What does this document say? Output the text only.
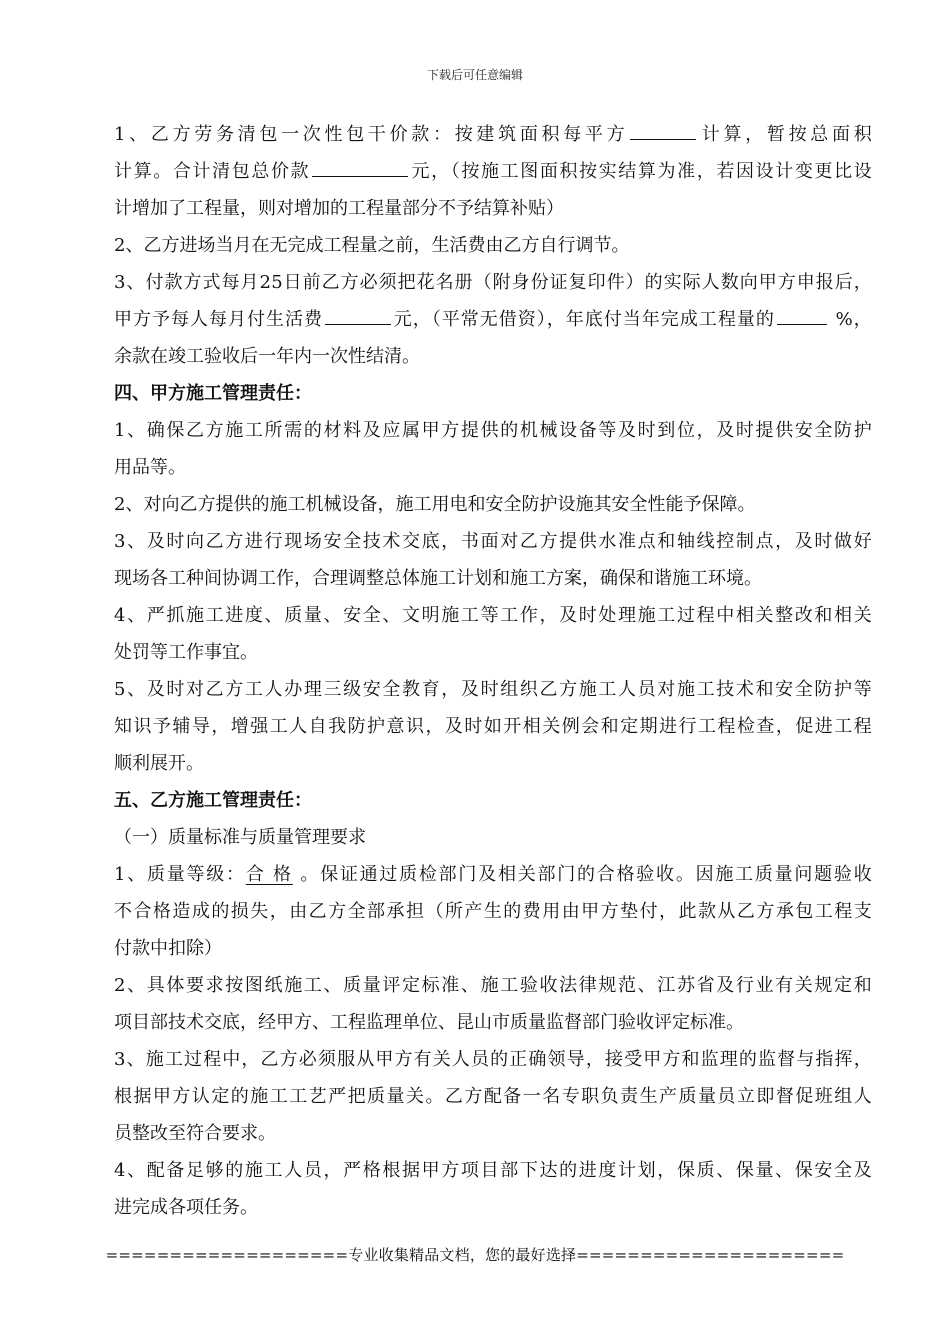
下载后可任意编辑
1、乙方劳务清包一次性包干价款：按建筑面积每平方	计算，暂按总面积
计算。合计清包总价款	元，（按施工图面积按实结算为准，若因设计变更比设
计增加了工程量，则对增加的工程量部分不予结算补贴）
2、乙方进场当月在无完成工程量之前，生活费由乙方自行调节。
3、付款方式每月25日前乙方必须把花名册（附身份证复印件）的实际人数向甲方申报后，
甲方予每人每月付生活费	元，（平常无借资），年底付当年完成工程量的	%，
余款在竣工验收后一年内一次性结清。
四、甲方施工管理责任：
1、确保乙方施工所需的材料及应属甲方提供的机械设备等及时到位，及时提供安全防护
用品等。
2、对向乙方提供的施工机械设备，施工用电和安全防护设施其安全性能予保障。
3、及时向乙方进行现场安全技术交底，书面对乙方提供水准点和轴线控制点，及时做好
现场各工种间协调工作，合理调整总体施工计划和施工方案，确保和谐施工环境。
4、严抓施工进度、质量、安全、文明施工等工作，及时处理施工过程中相关整改和相关
处罚等工作事宜。
5、及时对乙方工人办理三级安全教育，及时组织乙方施工人员对施工技术和安全防护等
知识予辅导，增强工人自我防护意识，及时如开相关例会和定期进行工程检查，促进工程
顺利展开。
五、乙方施工管理责任：
（一）质量标准与质量管理要求
1、质量等级：合 格 。保证通过质检部门及相关部门的合格验收。因施工质量问题验收
不合格造成的损失，由乙方全部承担（所产生的费用由甲方垫付，此款从乙方承包工程支
付款中扣除）
2、具体要求按图纸施工、质量评定标准、施工验收法律规范、江苏省及行业有关规定和
项目部技术交底，经甲方、工程监理单位、昆山市质量监督部门验收评定标准。
3、施工过程中，乙方必须服从甲方有关人员的正确领导，接受甲方和监理的监督与指挥，
根据甲方认定的施工工艺严把质量关。乙方配备一名专职负责生产质量员立即督促班组人
员整改至符合要求。
4、配备足够的施工人员，严格根据甲方项目部下达的进度计划，保质、保量、保安全及
进完成各项任务。
===================专业收集精品文档，您的最好选择=====================
